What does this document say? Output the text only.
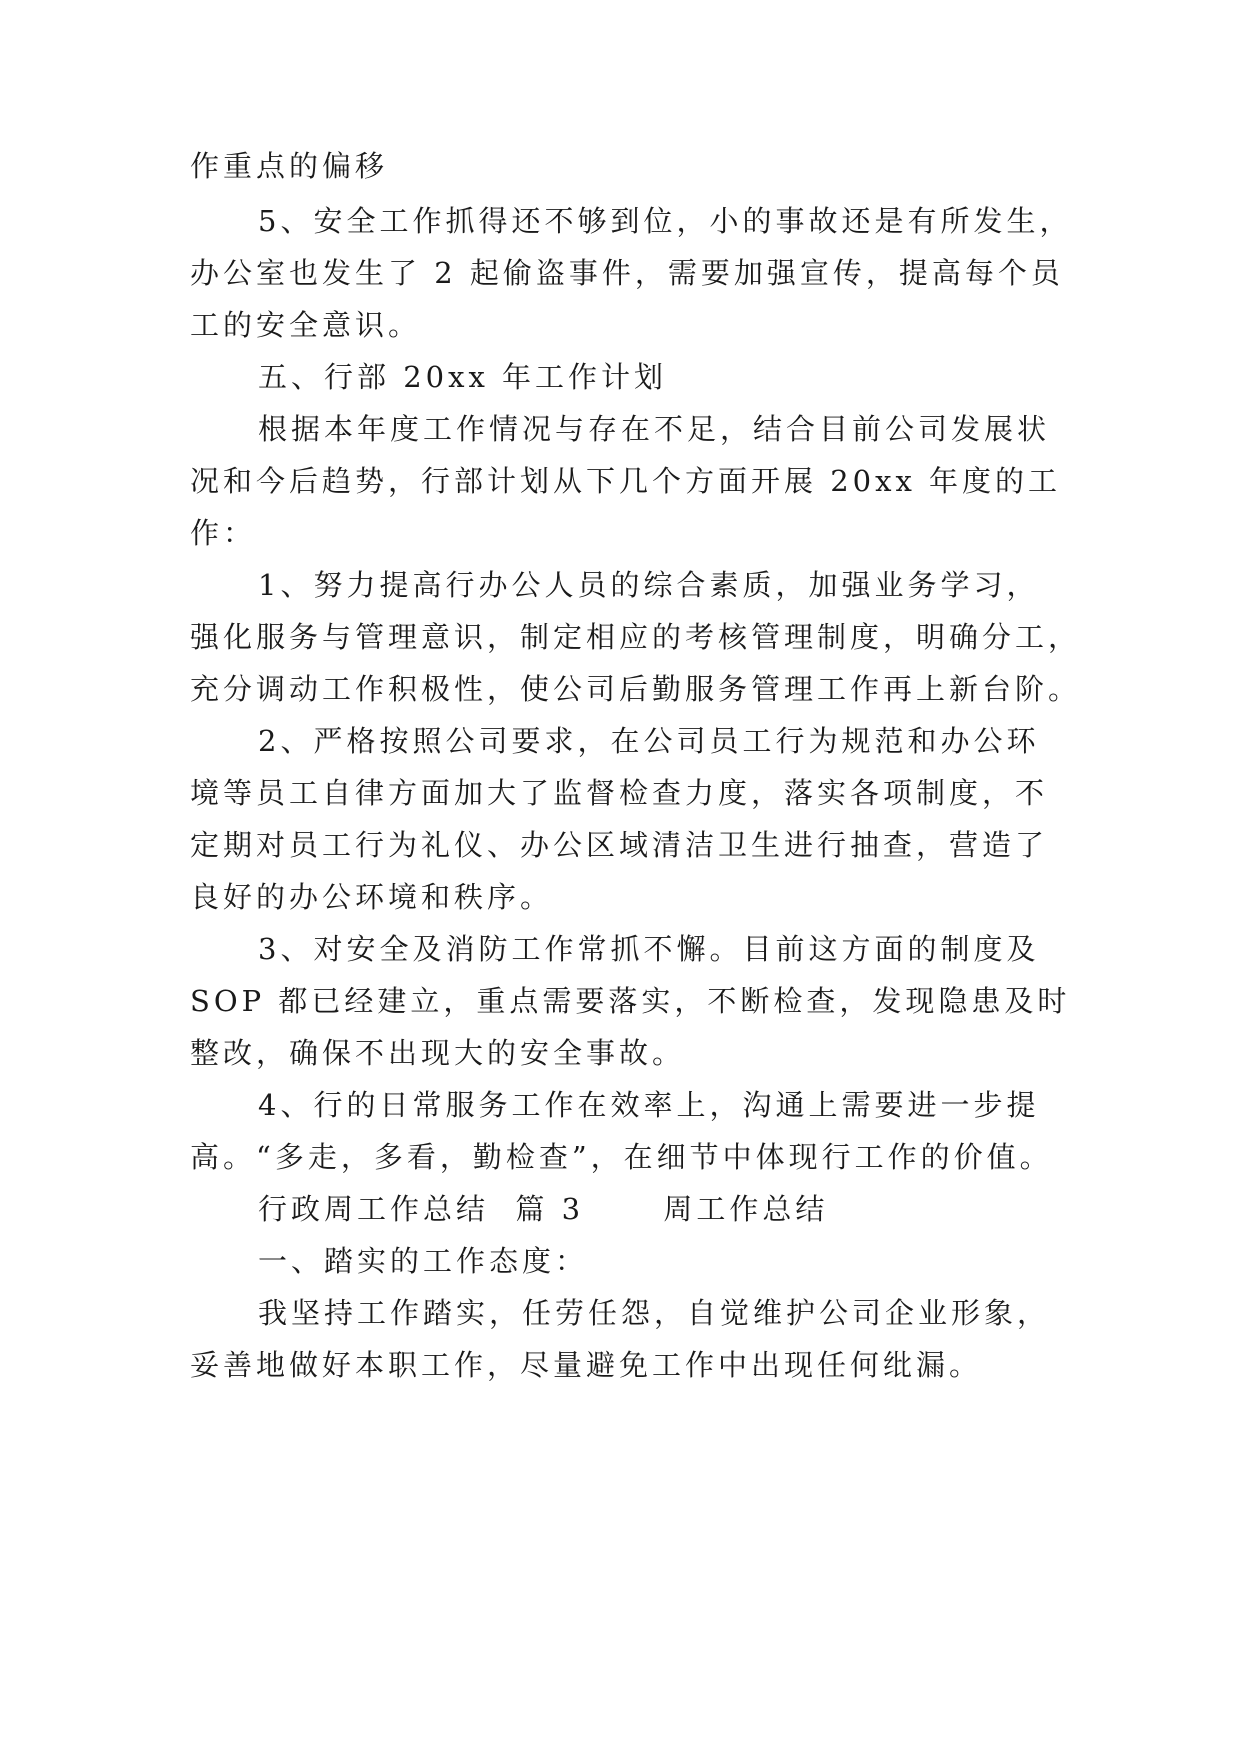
作重点的偏移
5、安全工作抓得还不够到位，小的事故还是有所发生，
办公室也发生了 2 起偷盗事件，需要加强宣传，提高每个员
工的安全意识。
五、行部 20xx 年工作计划
根据本年度工作情况与存在不足，结合目前公司发展状
况和今后趋势，行部计划从下几个方面开展 20xx 年度的工
作：
1、努力提高行办公人员的综合素质，加强业务学习，
强化服务与管理意识，制定相应的考核管理制度，明确分工，
充分调动工作积极性，使公司后勤服务管理工作再上新台阶。
2、严格按照公司要求，在公司员工行为规范和办公环
境等员工自律方面加大了监督检查力度，落实各项制度，不
定期对员工行为礼仪、办公区域清洁卫生进行抽查，营造了
良好的办公环境和秩序。
3、对安全及消防工作常抓不懈。目前这方面的制度及
SOP 都已经建立，重点需要落实，不断检查，发现隐患及时
整改，确保不出现大的安全事故。
4、行的日常服务工作在效率上，沟通上需要进一步提
高。“多走，多看，勤检查”，在细节中体现行工作的价值。
行政周工作总结  篇 3      周工作总结
一、踏实的工作态度：
我坚持工作踏实，任劳任怨，自觉维护公司企业形象，
妥善地做好本职工作，尽量避免工作中出现任何纰漏。
